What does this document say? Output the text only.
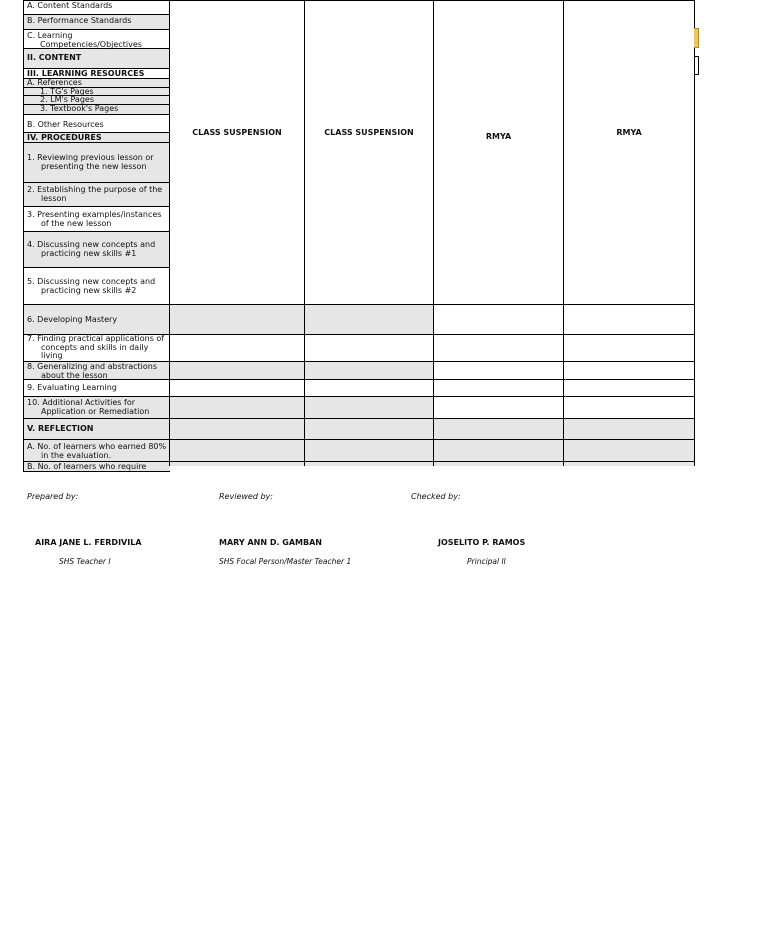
A. Content Standards
B. Performance Standards
C. Learning Competencies/Objectives
II. CONTENT
III. LEARNING RESOURCES
A. References
1. TG's Pages
2. LM's Pages
3. Textbook's Pages
B. Other Resources
IV. PROCEDURES
1. Reviewing previous lesson or presenting the new lesson
2. Establishing the purpose of the lesson
3. Presenting examples/instances of the new lesson
4. Discussing new concepts and practicing new skills #1
5. Discussing new concepts and practicing new skills #2
6. Developing Mastery
7. Finding practical applications of concepts and skills in daily living
8. Generalizing and abstractions about the lesson
9. Evaluating Learning
10. Additional Activities for Application or Remediation
V. REFLECTION
A. No. of learners who earned 80% in the evaluation.
B. No. of learners who require
CLASS SUSPENSION	CLASS SUSPENSION	RMYA	RMYA
Prepared by:	Reviewed by:	Checked by:
AIRA JANE L. FERDIVILA	MARY ANN D. GAMBAN	JOSELITO P. RAMOS
SHS Teacher I	SHS Focal Person/Master Teacher 1	Principal II
